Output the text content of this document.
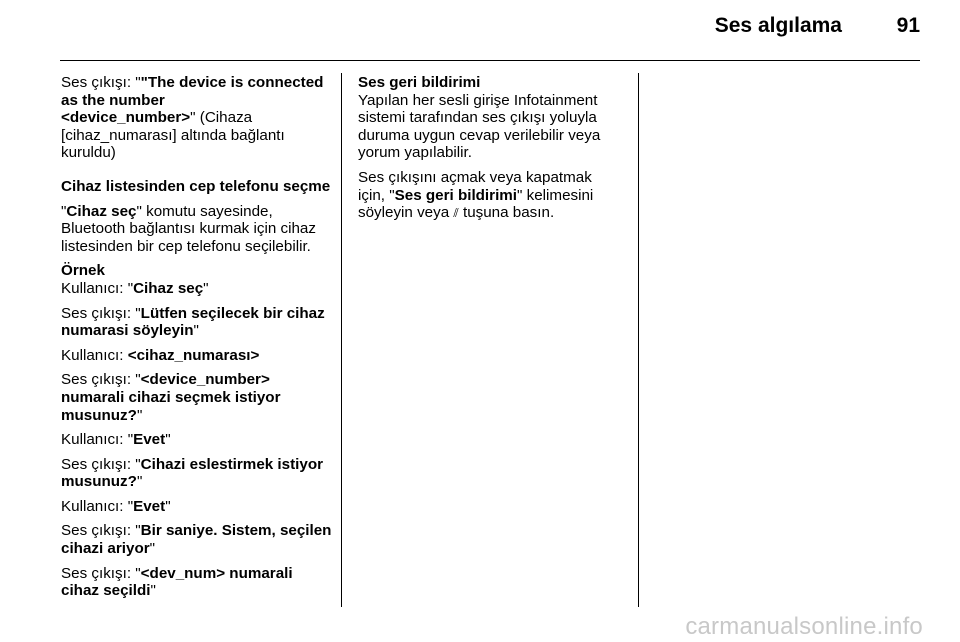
Ses algılama	91

Ses çıkışı: ""The device is connected as the number
<device_number>" (Cihaza [cihaz_numarası] altında bağlantı kuruldu)

Cihaz listesinden cep telefonu seçme

"Cihaz seç" komutu sayesinde, Bluetooth bağlantısı kurmak için cihaz listesinden bir cep telefonu seçilebilir.

Örnek

Kullanıcı: "Cihaz seç"

Ses çıkışı: "Lütfen seçilecek bir cihaz numarasi söyleyin"

Kullanıcı: <cihaz_numarası>

Ses çıkışı: "<device_number> numarali cihazi seçmek istiyor musunuz?"

Kullanıcı: "Evet"

Ses çıkışı: "Cihazi eslestirmek istiyor musunuz?"

Kullanıcı: "Evet"

Ses çıkışı: "Bir saniye. Sistem, seçilen cihazi ariyor"

Ses çıkışı: "<dev_num> numarali cihaz seçildi"

Ses geri bildirimi

Yapılan her sesli girişe Infotainment sistemi tarafından ses çıkışı yoluyla duruma uygun cevap verilebilir veya yorum yapılabilir.

Ses çıkışını açmak veya kapatmak için, "Ses geri bildirimi" kelimesini söyleyin veya ⫽ tuşuna basın.

carmanualsonline.info
